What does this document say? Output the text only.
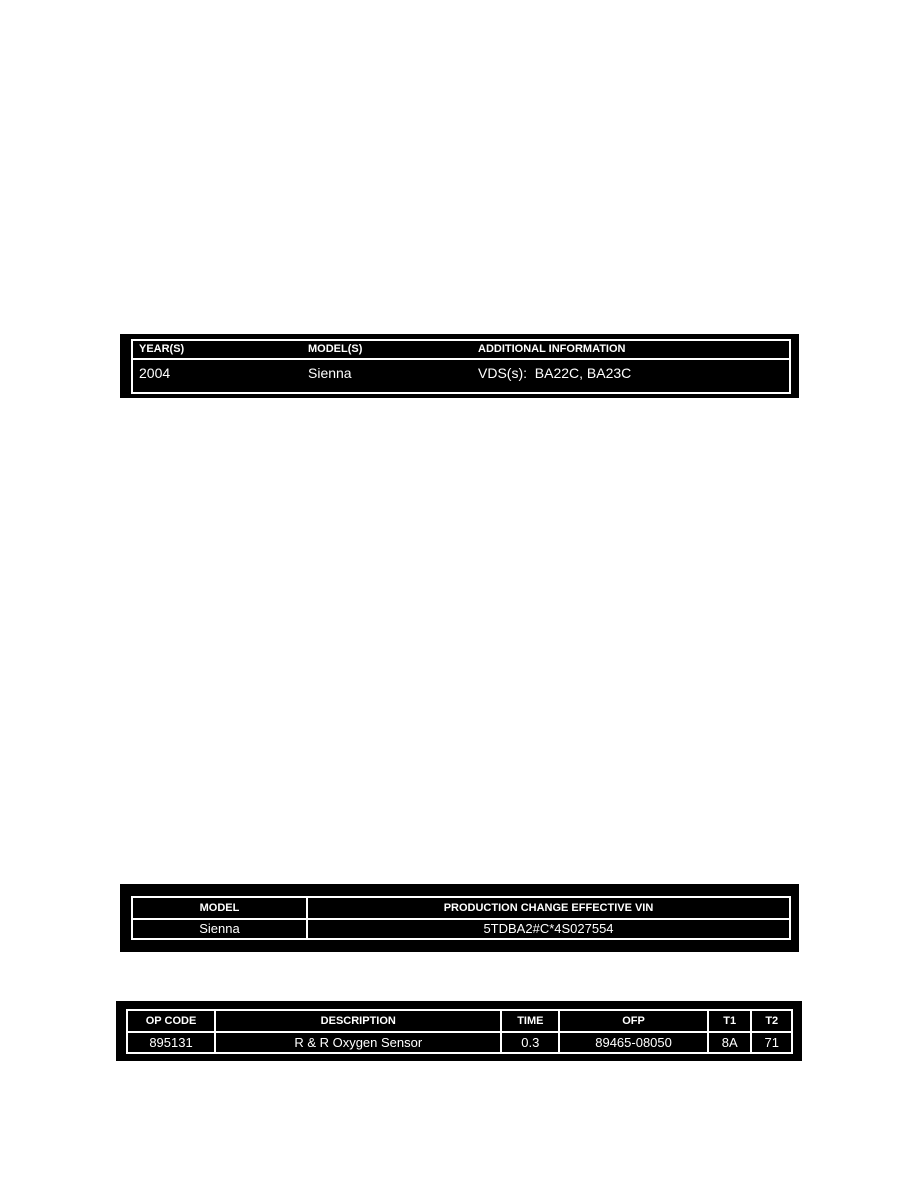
YEAR(S)	MODEL(S)	ADDITIONAL INFORMATION
2004	Sienna	VDS(s):  BA22C, BA23C
MODEL	PRODUCTION CHANGE EFFECTIVE VIN
Sienna	5TDBA2#C*4S027554
OP CODE	DESCRIPTION	TIME	OFP	T1	T2
895131	R & R Oxygen Sensor	0.3	89465-08050	8A	71
